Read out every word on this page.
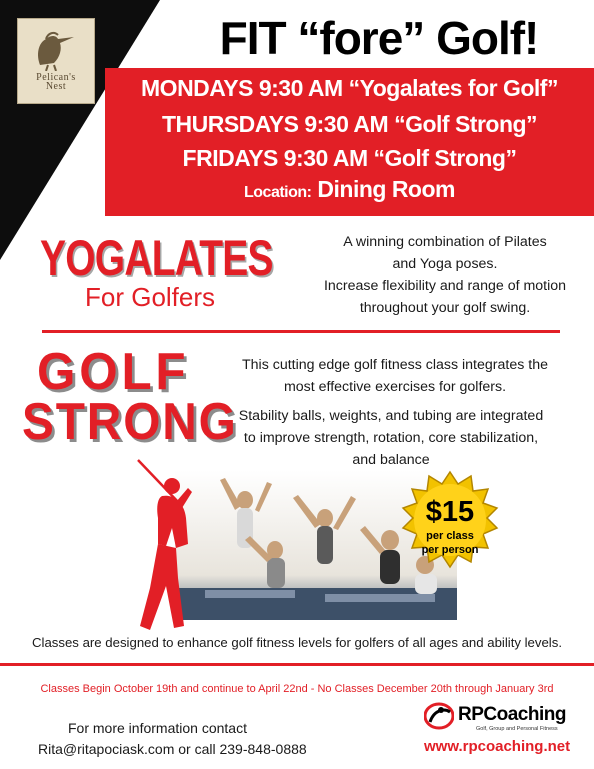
Pelican's
Nest
FIT “fore” Golf!
MONDAYS 9:30 AM “Yogalates for Golf”
THURSDAYS 9:30 AM “Golf Strong”
FRIDAYS 9:30 AM “Golf Strong”
Location: Dining Room
YOGALATES
For Golfers
A winning combination of Pilates
and Yoga poses.
Increase flexibility and range of motion
throughout your golf swing.
GOLF
STRONG
This cutting edge golf fitness class integrates the
most effective exercises for golfers.
Stability balls, weights, and tubing are integrated
to improve strength, rotation, core stabilization,
and balance
$15
per class
per person
Classes are designed to enhance golf fitness levels for golfers of all ages and ability levels.
Classes Begin October 19th and continue to April 22nd - No Classes December 20th through January 3rd
For more information contact
Rita@ritapociask.com or call 239-848-0888
RPCoaching
Golf, Group and Personal Fitness
www.rpcoaching.net
